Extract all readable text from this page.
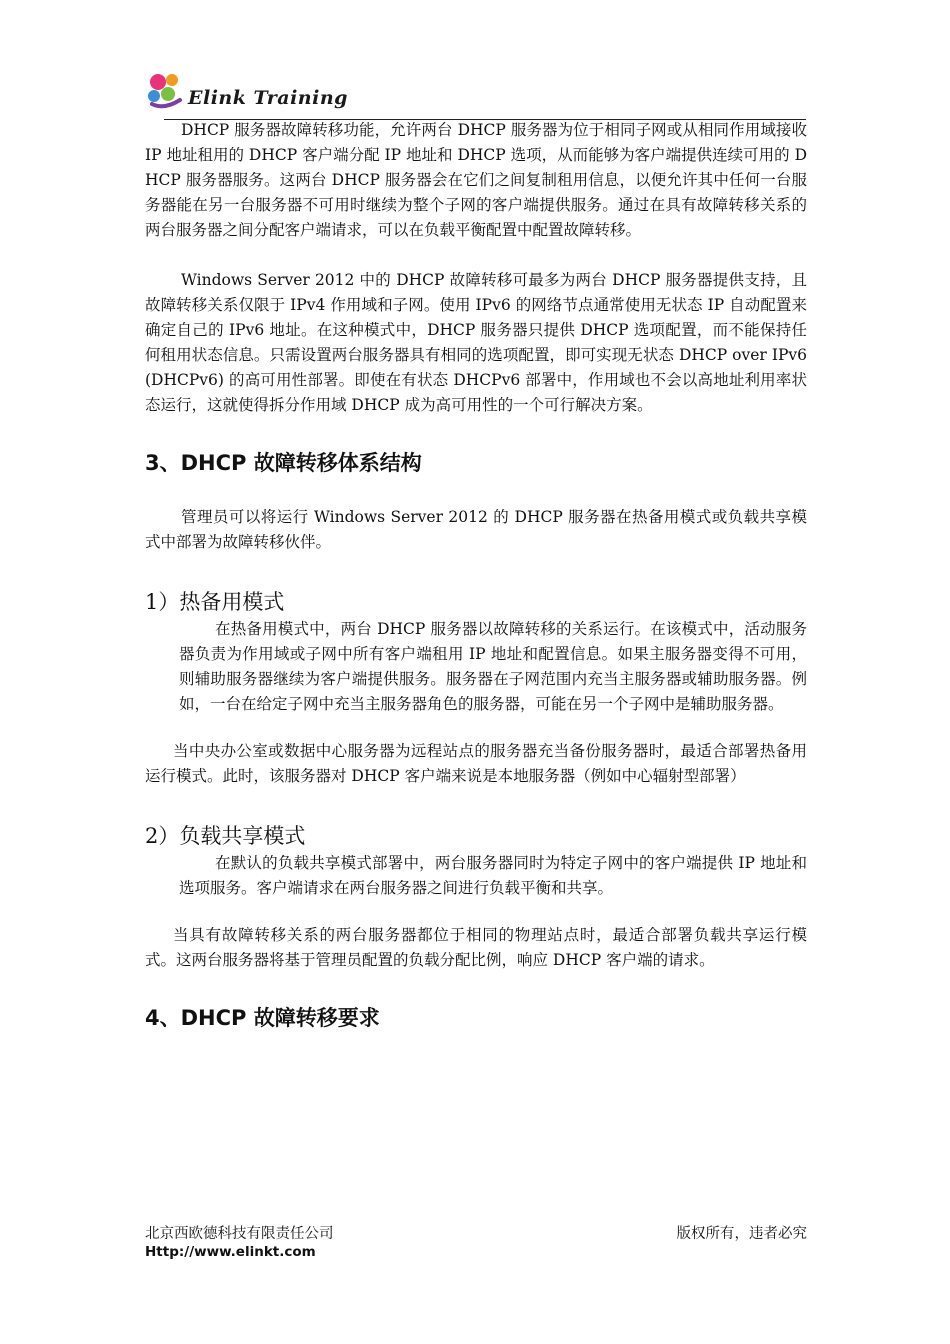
Elink Training

DHCP 服务器故障转移功能，允许两台 DHCP 服务器为位于相同子网或从相同作用域接收 IP 地址租用的 DHCP 客户端分配 IP 地址和 DHCP 选项，从而能够为客户端提供连续可用的 DHCP 服务器服务。这两台 DHCP 服务器会在它们之间复制租用信息，以便允许其中任何一台服务器能在另一台服务器不可用时继续为整个子网的客户端提供服务。通过在具有故障转移关系的两台服务器之间分配客户端请求，可以在负载平衡配置中配置故障转移。

Windows Server 2012 中的 DHCP 故障转移可最多为两台 DHCP 服务器提供支持，且故障转移关系仅限于 IPv4 作用域和子网。使用 IPv6 的网络节点通常使用无状态 IP 自动配置来确定自己的 IPv6 地址。在这种模式中，DHCP 服务器只提供 DHCP 选项配置，而不能保持任何租用状态信息。只需设置两台服务器具有相同的选项配置，即可实现无状态 DHCP over IPv6 (DHCPv6) 的高可用性部署。即使在有状态 DHCPv6 部署中，作用域也不会以高地址利用率状态运行，这就使得拆分作用域 DHCP 成为高可用性的一个可行解决方案。

3、DHCP 故障转移体系结构

管理员可以将运行 Windows Server 2012 的 DHCP 服务器在热备用模式或负载共享模式中部署为故障转移伙伴。

1）热备用模式

在热备用模式中，两台 DHCP 服务器以故障转移的关系运行。在该模式中，活动服务器负责为作用域或子网中所有客户端租用 IP 地址和配置信息。如果主服务器变得不可用，则辅助服务器继续为客户端提供服务。服务器在子网范围内充当主服务器或辅助服务器。例如，一台在给定子网中充当主服务器角色的服务器，可能在另一个子网中是辅助服务器。

当中央办公室或数据中心服务器为远程站点的服务器充当备份服务器时，最适合部署热备用运行模式。此时，该服务器对 DHCP 客户端来说是本地服务器（例如中心辐射型部署）

2）负载共享模式

在默认的负载共享模式部署中，两台服务器同时为特定子网中的客户端提供 IP 地址和选项服务。客户端请求在两台服务器之间进行负载平衡和共享。

当具有故障转移关系的两台服务器都位于相同的物理站点时，最适合部署负载共享运行模式。这两台服务器将基于管理员配置的负载分配比例，响应 DHCP 客户端的请求。

4、DHCP 故障转移要求
北京西欧德科技有限责任公司	版权所有，违者必究
Http://www.elinkt.com
